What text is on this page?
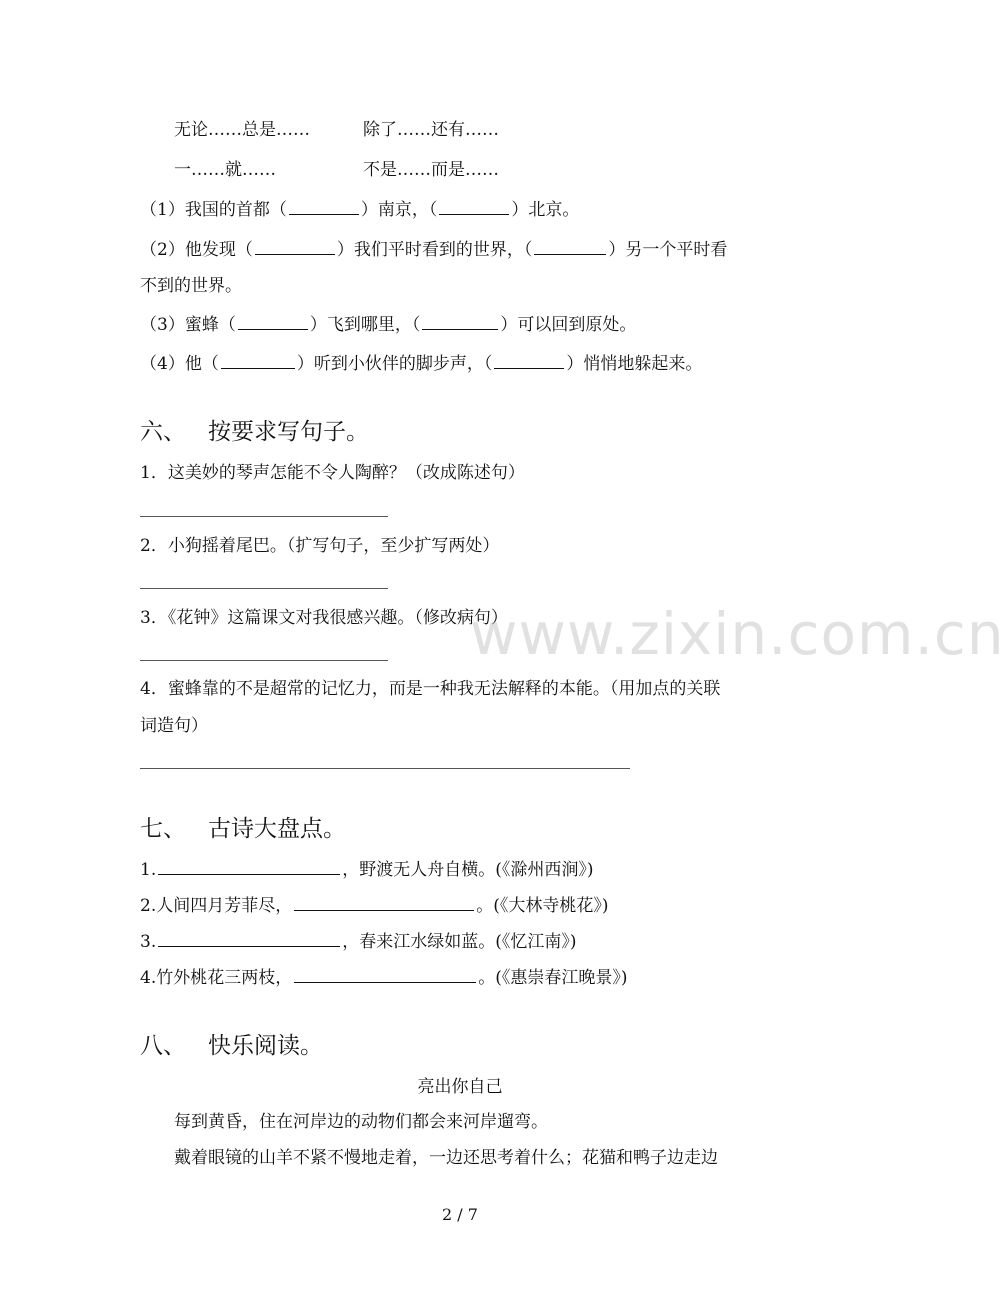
无论……总是……	除了……还有……
一……就……	不是……而是……
（1）我国的首都（	）南京，（	）北京。
（2）他发现（	）我们平时看到的世界，（	）另一个平时看
不到的世界。
（3）蜜蜂（	）飞到哪里，（	）可以回到原处。
（4）他（	）听到小伙伴的脚步声，（	）悄悄地躲起来。
六、 按要求写句子。
1．这美妙的琴声怎能不令人陶醉？（改成陈述句）
2．小狗摇着尾巴。（扩写句子，至少扩写两处）
3．《花钟》这篇课文对我很感兴趣。（修改病句）
4．蜜蜂靠的不是超常的记忆力，而是一种我无法解释的本能。（用加点的关联
词造句）
七、 古诗大盘点。
1.	，野渡无人舟自横。(《滁州西涧》)
2.人间四月芳菲尽，	。(《大林寺桃花》)
3.	，春来江水绿如蓝。(《忆江南》)
4.竹外桃花三两枝，	。(《惠崇春江晚景》)
八、 快乐阅读。
亮出你自己
每到黄昏，住在河岸边的动物们都会来河岸遛弯。
戴着眼镜的山羊不紧不慢地走着，一边还思考着什么；花猫和鸭子边走边
www.zixin.com.cn
2 / 7
